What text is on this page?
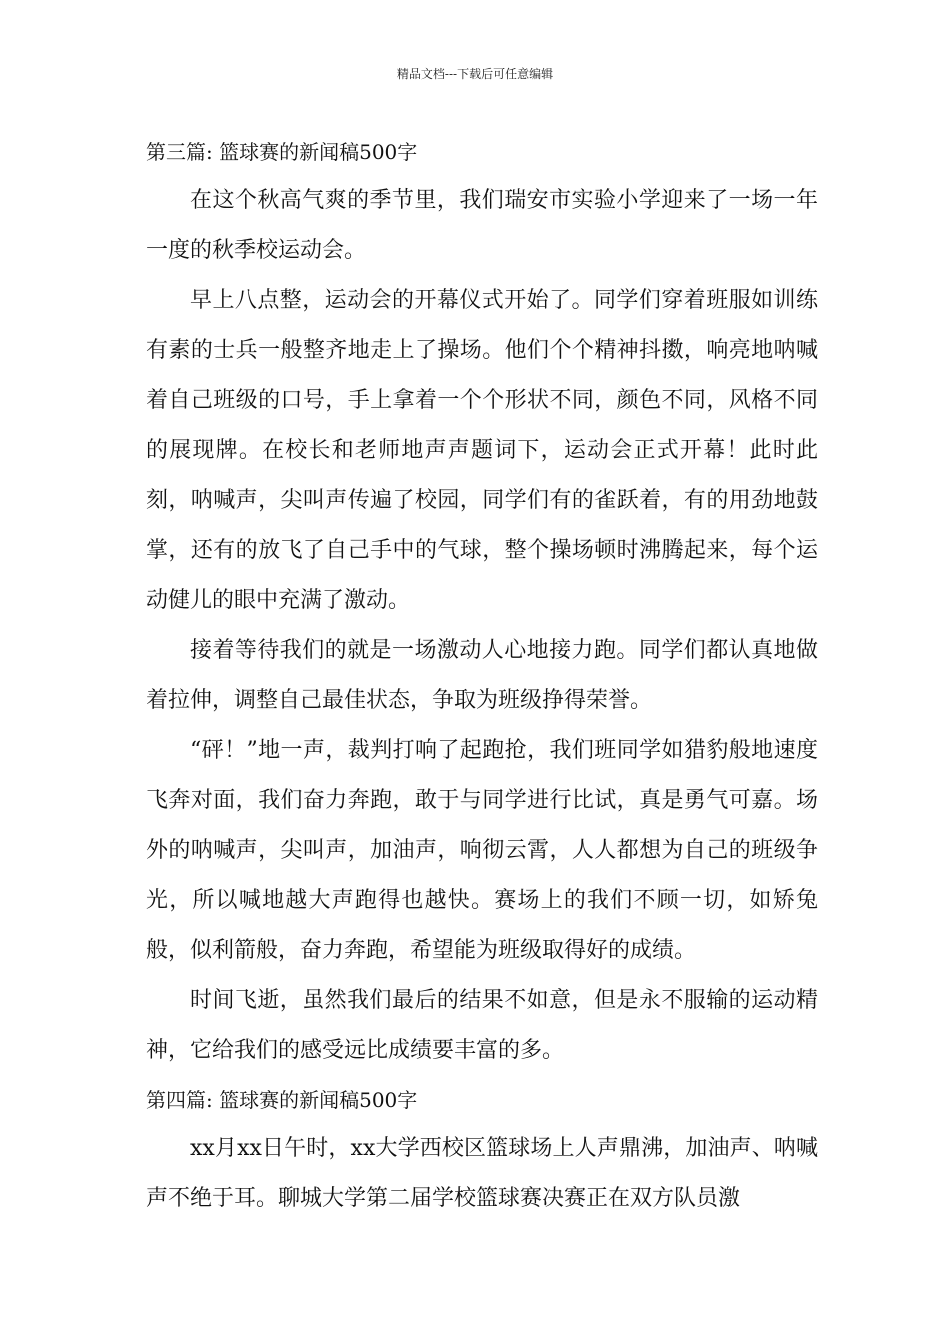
精品文档---下载后可任意编辑
第三篇: 篮球赛的新闻稿500字

在这个秋高气爽的季节里，我们瑞安市实验小学迎来了一场一年一度的秋季校运动会。

早上八点整，运动会的开幕仪式开始了。同学们穿着班服如训练有素的士兵一般整齐地走上了操场。他们个个精神抖擞，响亮地呐喊着自己班级的口号，手上拿着一个个形状不同，颜色不同，风格不同的展现牌。在校长和老师地声声题词下，运动会正式开幕！此时此刻，呐喊声，尖叫声传遍了校园，同学们有的雀跃着，有的用劲地鼓掌，还有的放飞了自己手中的气球，整个操场顿时沸腾起来，每个运动健儿的眼中充满了激动。

接着等待我们的就是一场激动人心地接力跑。同学们都认真地做着拉伸，调整自己最佳状态，争取为班级挣得荣誉。

“砰！”地一声，裁判打响了起跑抢，我们班同学如猎豹般地速度飞奔对面，我们奋力奔跑，敢于与同学进行比试，真是勇气可嘉。场外的呐喊声，尖叫声，加油声，响彻云霄，人人都想为自己的班级争光，所以喊地越大声跑得也越快。赛场上的我们不顾一切，如矫兔般，似利箭般，奋力奔跑，希望能为班级取得好的成绩。

时间飞逝，虽然我们最后的结果不如意，但是永不服输的运动精神，它给我们的感受远比成绩要丰富的多。

第四篇: 篮球赛的新闻稿500字

xx月xx日午时，xx大学西校区篮球场上人声鼎沸，加油声、呐喊声不绝于耳。聊城大学第二届学校篮球赛决赛正在双方队员激
